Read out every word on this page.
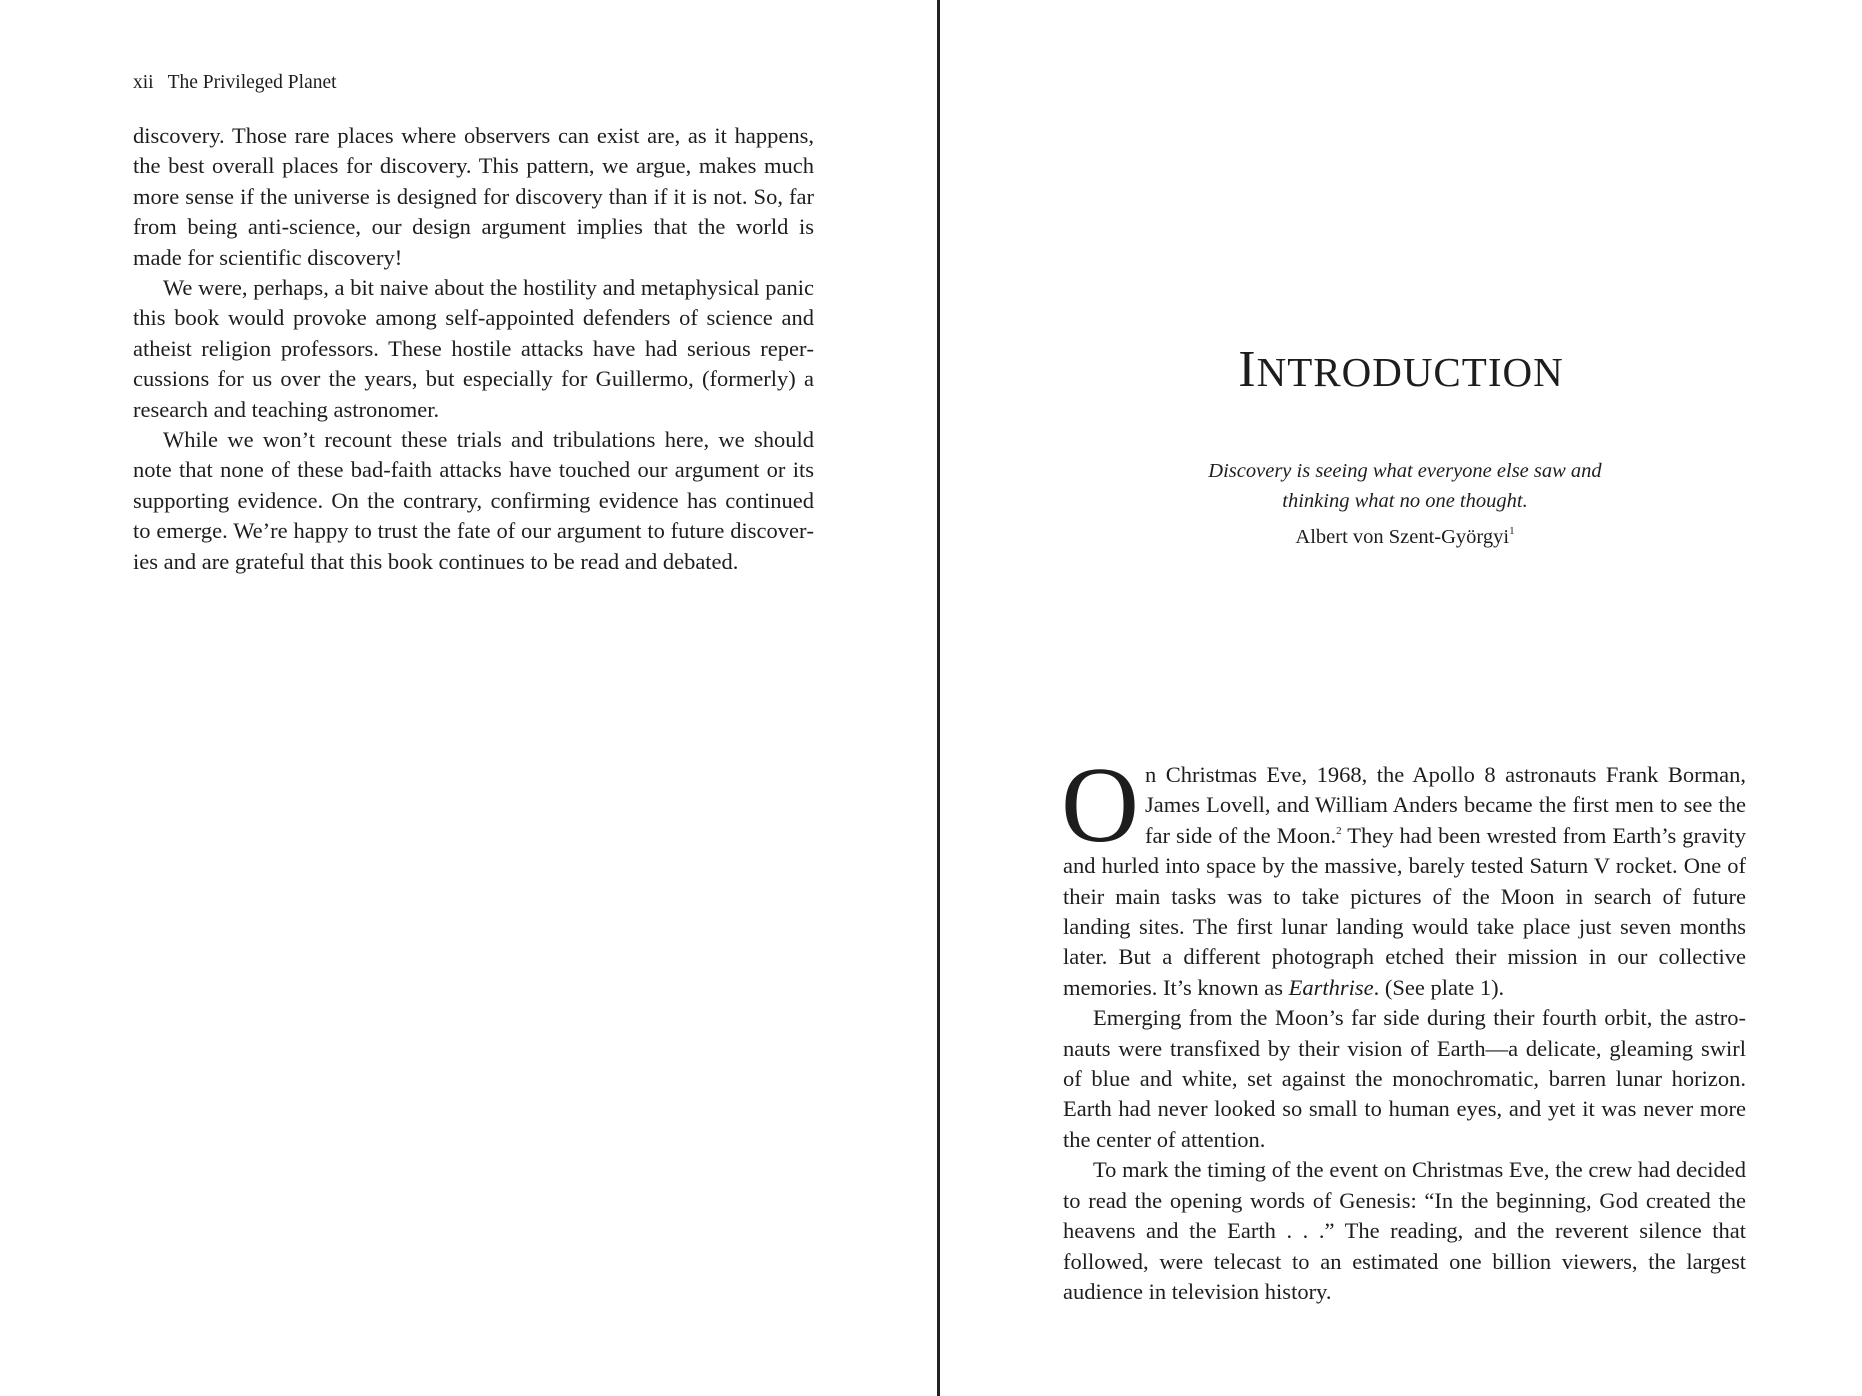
xii The Privileged Planet

discovery. Those rare places where observers can exist are, as it happens, the best overall places for discovery. This pattern, we argue, makes much more sense if the universe is designed for discovery than if it is not. So, far from being anti-science, our design argument implies that the world is made for scientific discovery!

We were, perhaps, a bit naive about the hostility and metaphysical panic this book would provoke among self-appointed defenders of science and atheist religion professors. These hostile attacks have had serious repercussions for us over the years, but especially for Guillermo, (formerly) a research and teaching astronomer.

While we won’t recount these trials and tribulations here, we should note that none of these bad-faith attacks have touched our argument or its supporting evidence. On the contrary, confirming evidence has continued to emerge. We’re happy to trust the fate of our argument to future discoveries and are grateful that this book continues to be read and debated.

INTRODUCTION
Discovery is seeing what everyone else saw and
thinking what no one thought.
Albert von Szent-Györgyi$^1$

On Christmas Eve, 1968, the Apollo 8 astronauts Frank Borman, James Lovell, and William Anders became the first men to see the far side of the Moon.$^2$ They had been wrested from Earth’s gravity and hurled into space by the massive, barely tested Saturn V rocket. One of their main tasks was to take pictures of the Moon in search of future landing sites. The first lunar landing would take place just seven months later. But a different photograph etched their mission in our collective memories. It’s known as Earthrise. (See plate 1).

Emerging from the Moon’s far side during their fourth orbit, the astronauts were transfixed by their vision of Earth—a delicate, gleaming swirl of blue and white, set against the monochromatic, barren lunar horizon. Earth had never looked so small to human eyes, and yet it was never more the center of attention.

To mark the timing of the event on Christmas Eve, the crew had decided to read the opening words of Genesis: “In the beginning, God created the heavens and the Earth . . .” The reading, and the reverent silence that followed, were telecast to an estimated one billion viewers, the largest audience in television history.
